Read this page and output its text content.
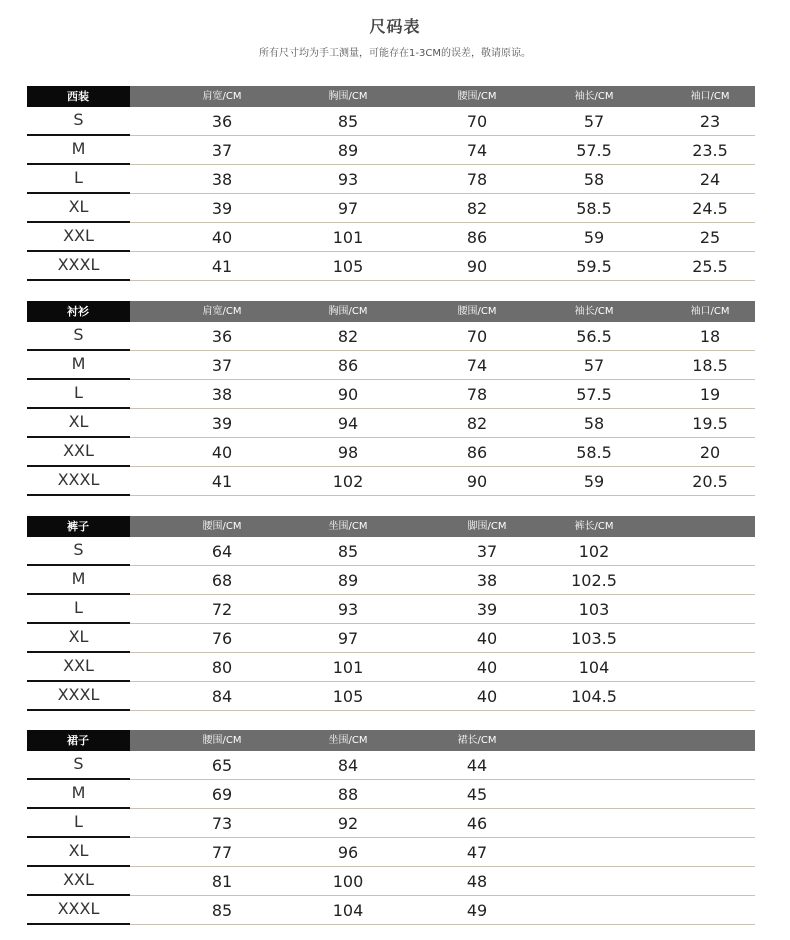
尺码表
所有尺寸均为手工测量，可能存在1-3CM的误差，敬请原谅。
西装	肩宽/CM	胸围/CM	腰围/CM	袖长/CM	袖口/CM
S	36	85	70	57	23
M	37	89	74	57.5	23.5
L	38	93	78	58	24
XL	39	97	82	58.5	24.5
XXL	40	101	86	59	25
XXXL	41	105	90	59.5	25.5
衬衫	肩宽/CM	胸围/CM	腰围/CM	袖长/CM	袖口/CM
S	36	82	70	56.5	18
M	37	86	74	57	18.5
L	38	90	78	57.5	19
XL	39	94	82	58	19.5
XXL	40	98	86	58.5	20
XXXL	41	102	90	59	20.5
裤子	腰围/CM	坐围/CM	脚围/CM	裤长/CM
S	64	85	37	102
M	68	89	38	102.5
L	72	93	39	103
XL	76	97	40	103.5
XXL	80	101	40	104
XXXL	84	105	40	104.5
裙子	腰围/CM	坐围/CM	裙长/CM
S	65	84	44
M	69	88	45
L	73	92	46
XL	77	96	47
XXL	81	100	48
XXXL	85	104	49
